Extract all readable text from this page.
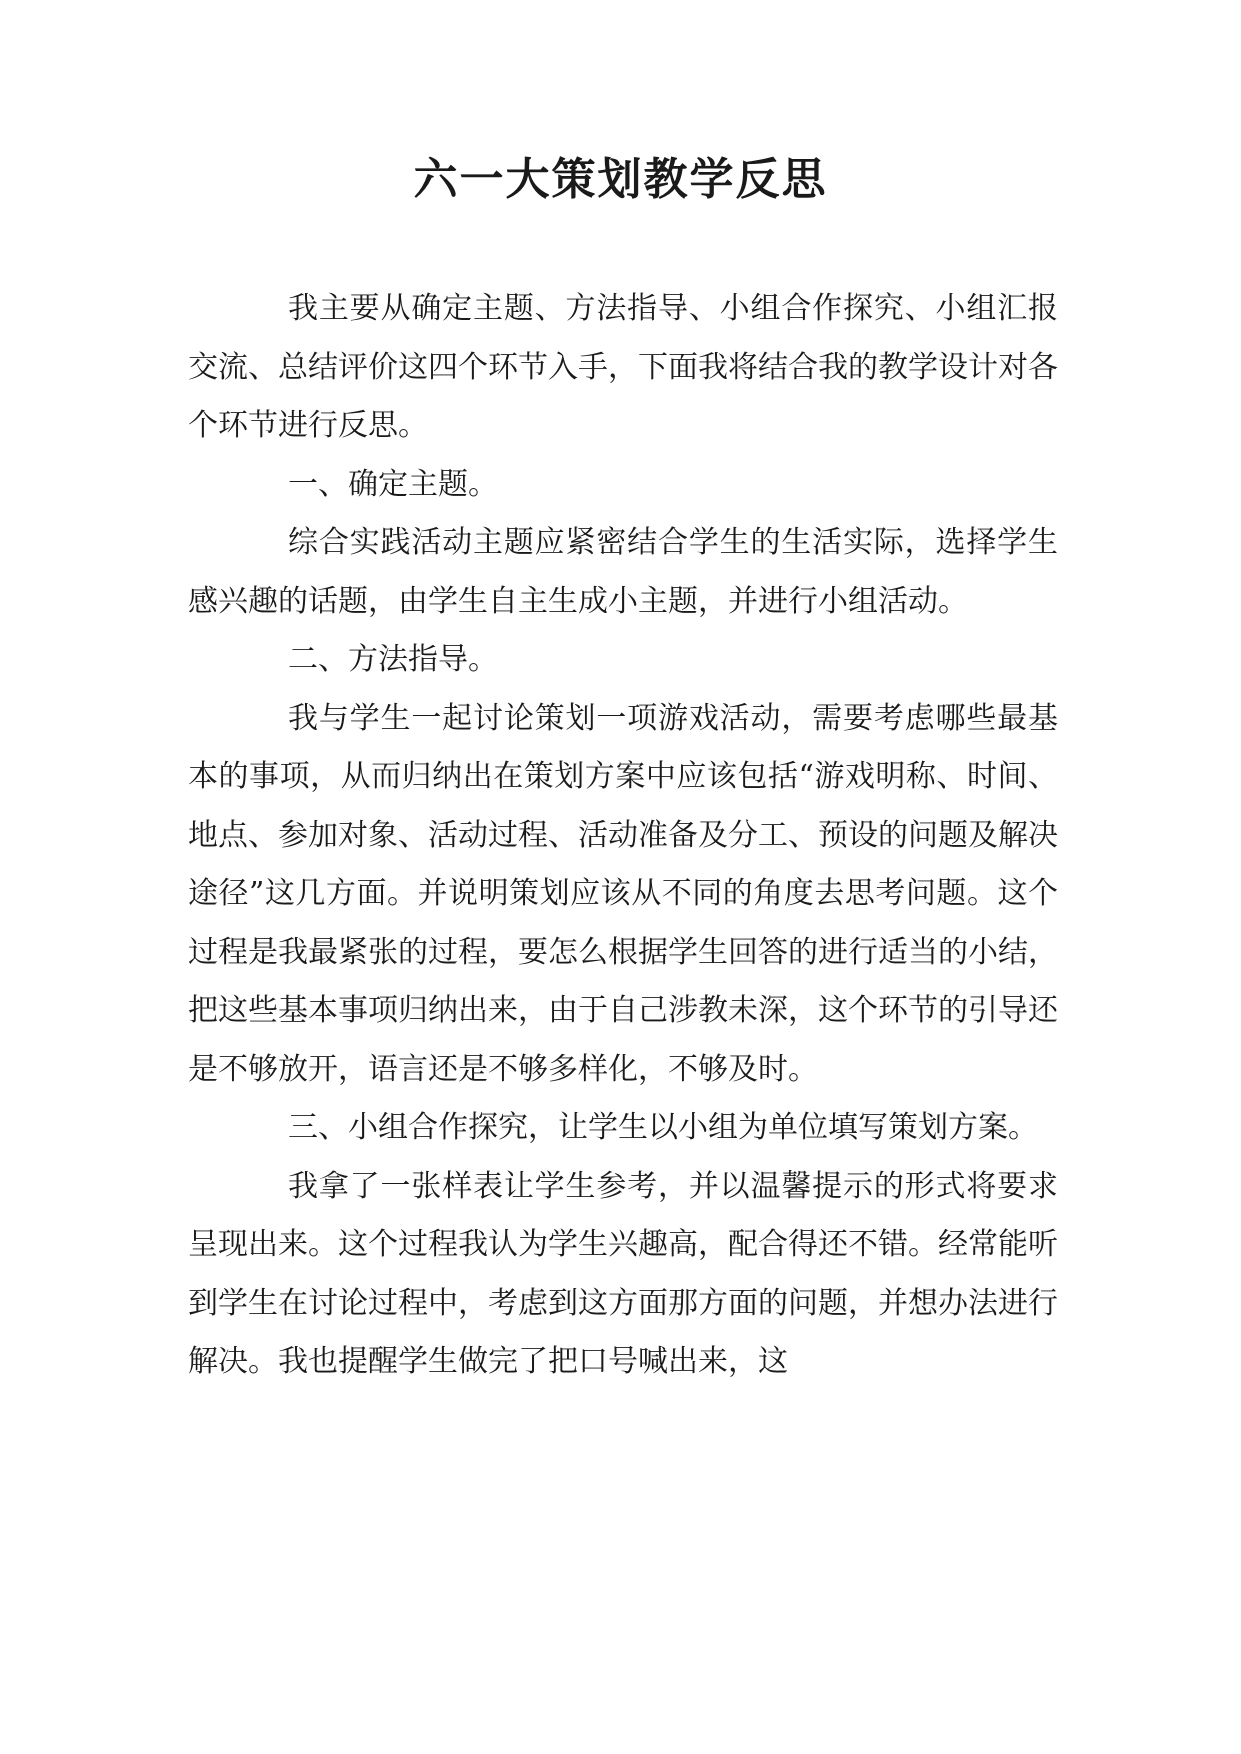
六一大策划教学反思

我主要从确定主题、方法指导、小组合作探究、小组汇报交流、总结评价这四个环节入手，下面我将结合我的教学设计对各个环节进行反思。

一、确定主题。

综合实践活动主题应紧密结合学生的生活实际，选择学生感兴趣的话题，由学生自主生成小主题，并进行小组活动。

二、方法指导。

我与学生一起讨论策划一项游戏活动，需要考虑哪些最基本的事项，从而归纳出在策划方案中应该包括“游戏明称、时间、地点、参加对象、活动过程、活动准备及分工、预设的问题及解决途径”这几方面。并说明策划应该从不同的角度去思考问题。这个过程是我最紧张的过程，要怎么根据学生回答的进行适当的小结，把这些基本事项归纳出来，由于自己涉教未深，这个环节的引导还是不够放开，语言还是不够多样化，不够及时。

三、小组合作探究，让学生以小组为单位填写策划方案。

我拿了一张样表让学生参考，并以温馨提示的形式将要求呈现出来。这个过程我认为学生兴趣高，配合得还不错。经常能听到学生在讨论过程中，考虑到这方面那方面的问题，并想办法进行解决。我也提醒学生做完了把口号喊出来，这
